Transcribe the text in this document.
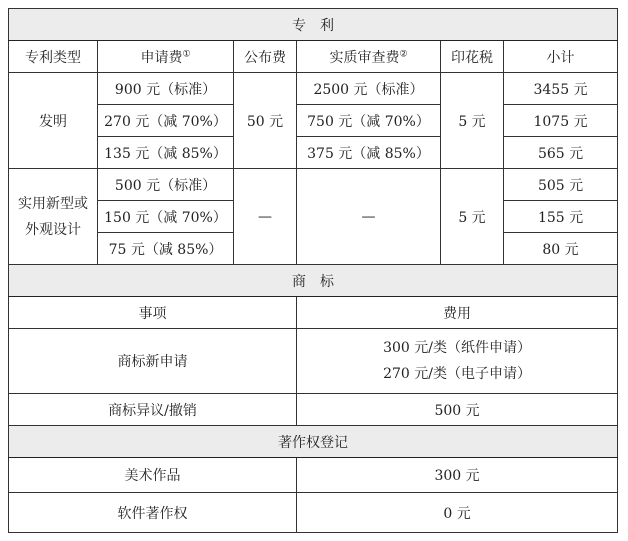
专　利					
专利类型	申请费①	公布费	实质审查费②	印花税	小计
发明	900 元（标准）	50 元	2500 元（标准）	5 元	3455 元
	270 元（减 70%）		750 元（减 70%）		1075 元
	135 元（减 85%）		375 元（减 85%）		565 元
实用新型或
外观设计	500 元（标准）	—	—	5 元	505 元
	150 元（减 70%）				155 元
	75 元（减 85%）				80 元
商　标					
事项			费用		
商标新申请			300 元/类（纸件申请）
270 元/类（电子申请）		
商标异议/撤销			500 元		
著作权登记					
美术作品			300 元		
软件著作权			0 元		
